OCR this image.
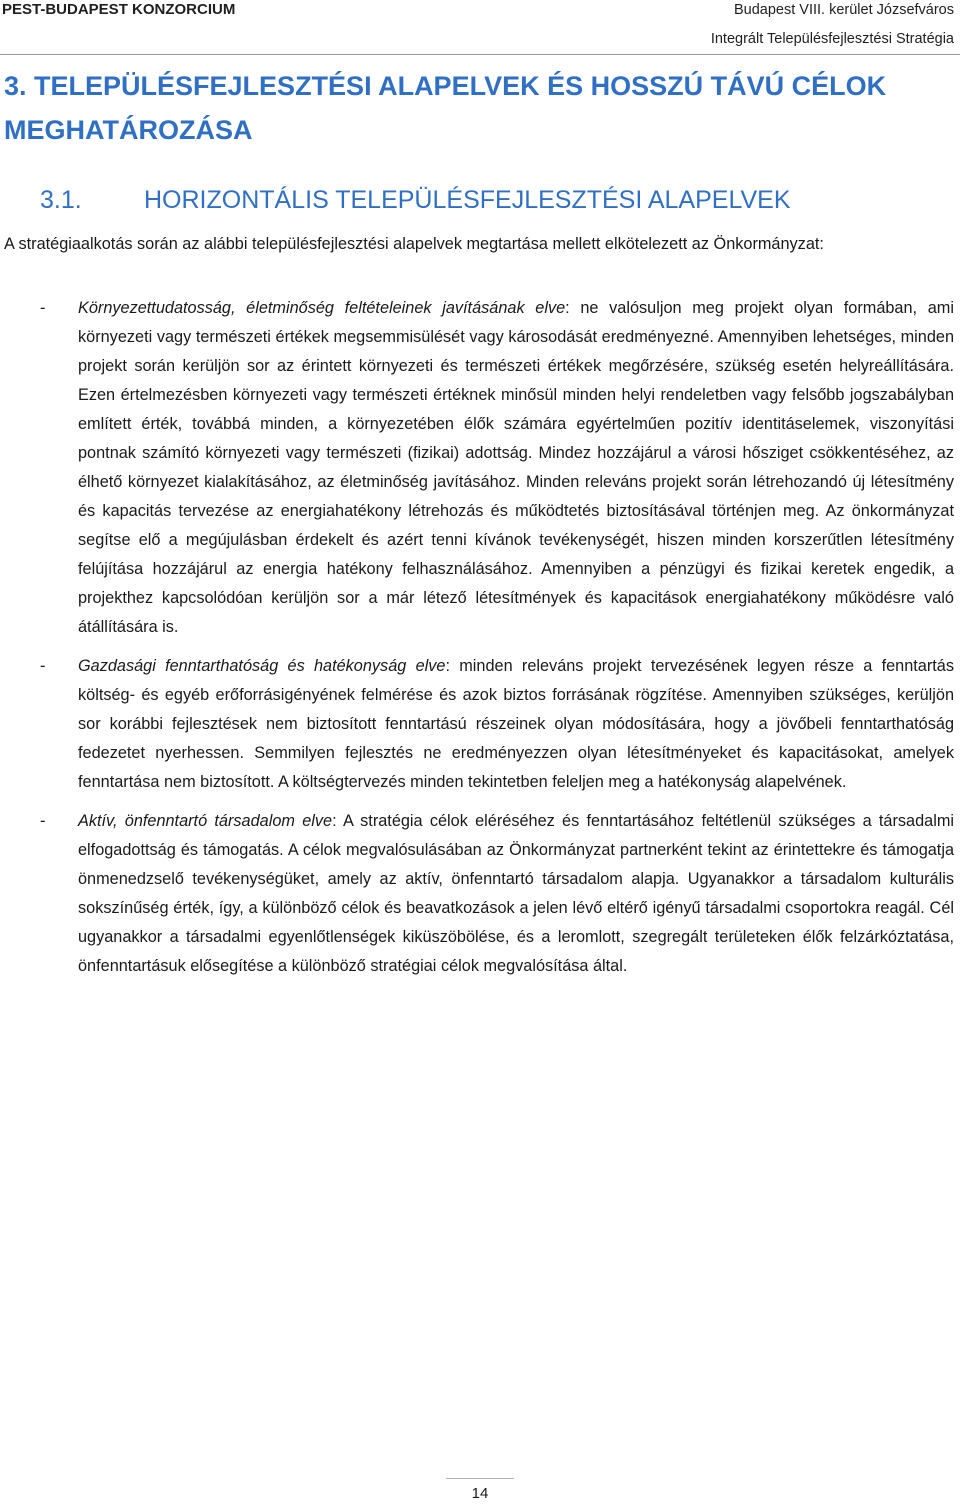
PEST-BUDAPEST KONZORCIUM	Budapest VIII. kerület Józsefváros
Integrált Településfejlesztési Stratégia
3. TELEPÜLÉSFEJLESZTÉSI ALAPELVEK ÉS HOSSZÚ TÁVÚ CÉLOK MEGHATÁROZÁSA
3.1. HORIZONTÁLIS TELEPÜLÉSFEJLESZTÉSI ALAPELVEK

A stratégiaalkotás során az alábbi településfejlesztési alapelvek megtartása mellett elkötelezett az Önkormányzat:

- Környezettudatosság, életminőség feltételeinek javításának elve: ne valósuljon meg projekt olyan formában, ami környezeti vagy természeti értékek megsemmisülését vagy károsodását eredményezné. Amennyiben lehetséges, minden projekt során kerüljön sor az érintett környezeti és természeti értékek megőrzésére, szükség esetén helyreállítására. Ezen értelmezésben környezeti vagy természeti értéknek minősül minden helyi rendeletben vagy felsőbb jogszabályban említett érték, továbbá minden, a környezetében élők számára egyértelműen pozitív identitáselemek, viszonyítási pontnak számító környezeti vagy természeti (fizikai) adottság. Mindez hozzájárul a városi hősziget csökkentéséhez, az élhető környezet kialakításához, az életminőség javításához. Minden releváns projekt során létrehozandó új létesítmény és kapacitás tervezése az energiahatékony létrehozás és működtetés biztosításával történjen meg. Az önkormányzat segítse elő a megújulásban érdekelt és azért tenni kívánok tevékenységét, hiszen minden korszerűtlen létesítmény felújítása hozzájárul az energia hatékony felhasználásához. Amennyiben a pénzügyi és fizikai keretek engedik, a projekthez kapcsolódóan kerüljön sor a már létező létesítmények és kapacitások energiahatékony működésre való átállítására is.
- Gazdasági fenntarthatóság és hatékonyság elve: minden releváns projekt tervezésének legyen része a fenntartás költség- és egyéb erőforrásigényének felmérése és azok biztos forrásának rögzítése. Amennyiben szükséges, kerüljön sor korábbi fejlesztések nem biztosított fenntartású részeinek olyan módosítására, hogy a jövőbeli fenntarthatóság fedezetet nyerhessen. Semmilyen fejlesztés ne eredményezzen olyan létesítményeket és kapacitásokat, amelyek fenntartása nem biztosított. A költségtervezés minden tekintetben feleljen meg a hatékonyság alapelvének.
- Aktív, önfenntartó társadalom elve: A stratégia célok eléréséhez és fenntartásához feltétlenül szükséges a társadalmi elfogadottság és támogatás. A célok megvalósulásában az Önkormányzat partnerként tekint az érintettekre és támogatja önmenedzselő tevékenységüket, amely az aktív, önfenntartó társadalom alapja. Ugyanakkor a társadalom kulturális sokszínűség érték, így, a különböző célok és beavatkozások a jelen lévő eltérő igényű társadalmi csoportokra reagál. Cél ugyanakkor a társadalmi egyenlőtlenségek kiküszöbölése, és a leromlott, szegregált területeken élők felzárkóztatása, önfenntartásuk elősegítése a különböző stratégiai célok megvalósítása által.
14
